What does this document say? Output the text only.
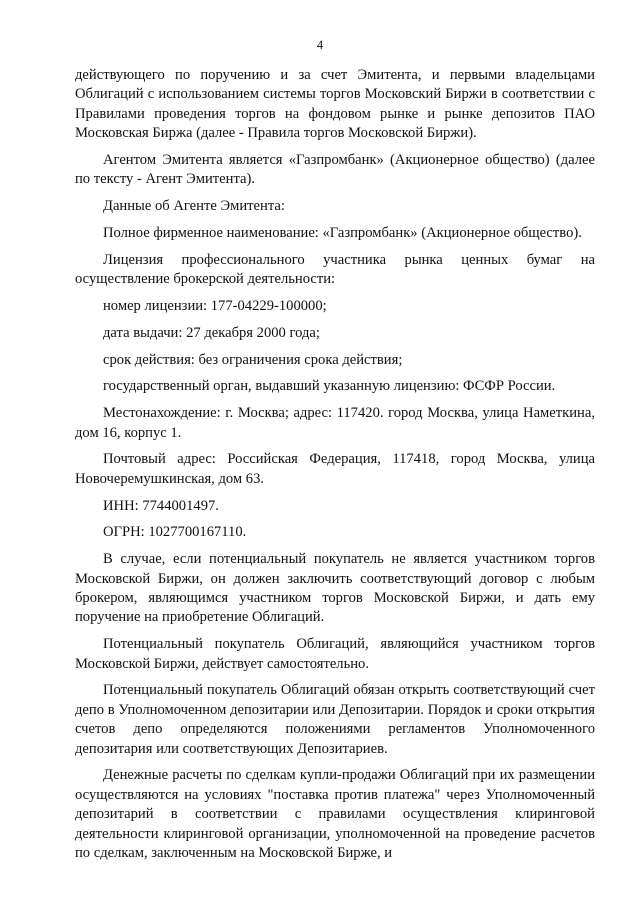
4

действующего по поручению и за счет Эмитента, и первыми владельцами Облигаций с использованием системы торгов Московский Биржи в соответствии с Правилами проведения торгов на фондовом рынке и рынке депозитов ПАО Московская Биржа (далее - Правила торгов Московской Биржи).

Агентом Эмитента является «Газпромбанк» (Акционерное общество) (далее по тексту - Агент Эмитента).

Данные об Агенте Эмитента:

Полное фирменное наименование: «Газпромбанк» (Акционерное общество).

Лицензия профессионального участника рынка ценных бумаг на осуществление брокерской деятельности:

номер лицензии: 177-04229-100000;

дата выдачи: 27 декабря 2000 года;

срок действия: без ограничения срока действия;

государственный орган, выдавший указанную лицензию: ФСФР России.

Местонахождение: г. Москва; адрес: 117420. город Москва, улица Наметкина, дом 16, корпус 1.

Почтовый адрес: Российская Федерация, 117418, город Москва, улица Новочеремушкинская, дом 63.

ИНН: 7744001497.

ОГРН: 1027700167110.

В случае, если потенциальный покупатель не является участником торгов Московской Биржи, он должен заключить соответствующий договор с любым брокером, являющимся участником торгов Московской Биржи, и дать ему поручение на приобретение Облигаций.

Потенциальный покупатель Облигаций, являющийся участником торгов Московской Биржи, действует самостоятельно.

Потенциальный покупатель Облигаций обязан открыть соответствующий счет депо в Уполномоченном депозитарии или Депозитарии. Порядок и сроки открытия счетов депо определяются положениями регламентов Уполномоченного депозитария или соответствующих Депозитариев.

Денежные расчеты по сделкам купли-продажи Облигаций при их размещении осуществляются на условиях "поставка против платежа" через Уполномоченный депозитарий в соответствии с правилами осуществления клиринговой деятельности клиринговой организации, уполномоченной на проведение расчетов по сделкам, заключенным на Московской Бирже, и
